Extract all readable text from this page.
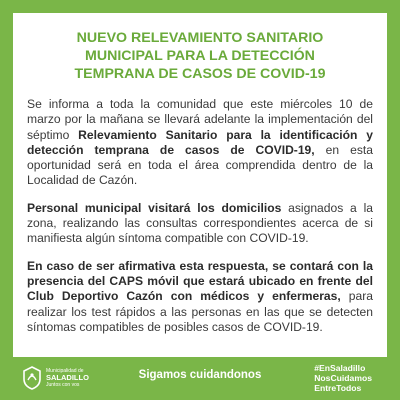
NUEVO RELEVAMIENTO SANITARIO
MUNICIPAL PARA LA DETECCIÓN
TEMPRANA DE CASOS DE COVID-19

Se informa a toda la comunidad que este miércoles 10 de marzo por la mañana se llevará adelante la implementación del séptimo Relevamiento Sanitario para la identificación y detección temprana de casos de COVID-19, en esta oportunidad será en toda el área comprendida dentro de la Localidad de Cazón.

Personal municipal visitará los domicilios asignados a la zona, realizando las consultas correspondientes acerca de si manifiesta algún síntoma compatible con COVID-19.

En caso de ser afirmativa esta respuesta, se contará con la presencia del CAPS móvil que estará ubicado en frente del Club Deportivo Cazón con médicos y enfermeras, para realizar los test rápidos a las personas en las que se detecten síntomas compatibles de posibles casos de COVID-19.

Municipalidad de
SALADILLO
Juntos con vos
Sigamos cuidandonos
#EnSaladillo
NosCuidamos
EntreTodos
